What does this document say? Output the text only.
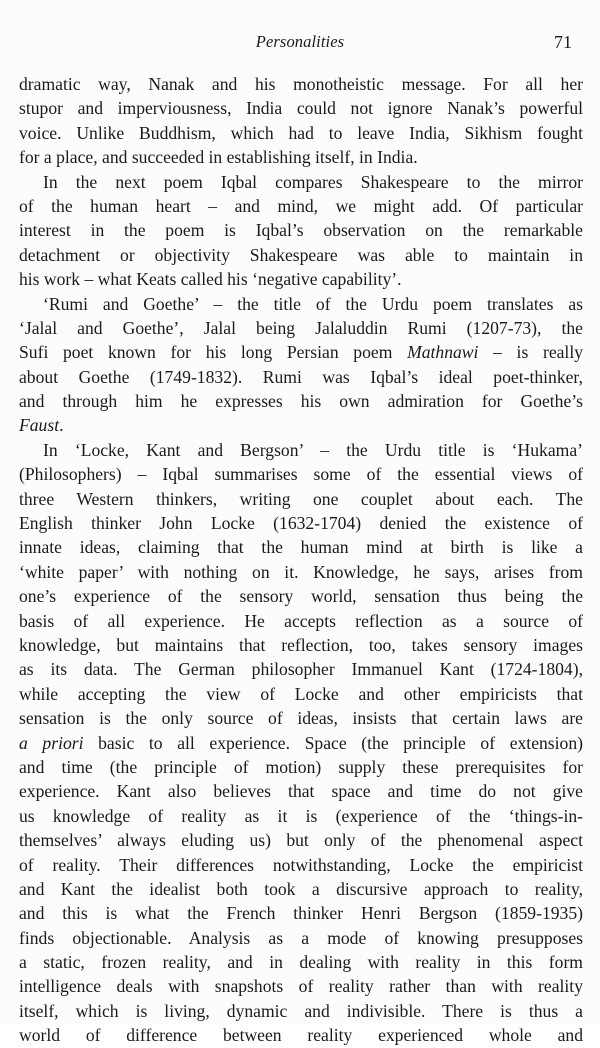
Personalities	71
dramatic way, Nanak and his monotheistic message. For all her
stupor and imperviousness, India could not ignore Nanak’s powerful
voice. Unlike Buddhism, which had to leave India, Sikhism fought
for a place, and succeeded in establishing itself, in India.
In the next poem Iqbal compares Shakespeare to the mirror
of the human heart – and mind, we might add. Of particular
interest in the poem is Iqbal’s observation on the remarkable
detachment or objectivity Shakespeare was able to maintain in
his work – what Keats called his ‘negative capability’.
‘Rumi and Goethe’ – the title of the Urdu poem translates as
‘Jalal and Goethe’, Jalal being Jalaluddin Rumi (1207-73), the
Sufi poet known for his long Persian poem Mathnawi – is really
about Goethe (1749-1832). Rumi was Iqbal’s ideal poet-thinker,
and through him he expresses his own admiration for Goethe’s
Faust.
In ‘Locke, Kant and Bergson’ – the Urdu title is ‘Hukama’
(Philosophers) – Iqbal summarises some of the essential views of
three Western thinkers, writing one couplet about each. The
English thinker John Locke (1632-1704) denied the existence of
innate ideas, claiming that the human mind at birth is like a
‘white paper’ with nothing on it. Knowledge, he says, arises from
one’s experience of the sensory world, sensation thus being the
basis of all experience. He accepts reflection as a source of
knowledge, but maintains that reflection, too, takes sensory images
as its data. The German philosopher Immanuel Kant (1724-1804),
while accepting the view of Locke and other empiricists that
sensation is the only source of ideas, insists that certain laws are
a priori basic to all experience. Space (the principle of extension)
and time (the principle of motion) supply these prerequisites for
experience. Kant also believes that space and time do not give
us knowledge of reality as it is (experience of the ‘things-in-
themselves’ always eluding us) but only of the phenomenal aspect
of reality. Their differences notwithstanding, Locke the empiricist
and Kant the idealist both took a discursive approach to reality,
and this is what the French thinker Henri Bergson (1859-1935)
finds objectionable. Analysis as a mode of knowing presupposes
a static, frozen reality, and in dealing with reality in this form
intelligence deals with snapshots of reality rather than with reality
itself, which is living, dynamic and indivisible. There is thus a
world of difference between reality experienced whole and
